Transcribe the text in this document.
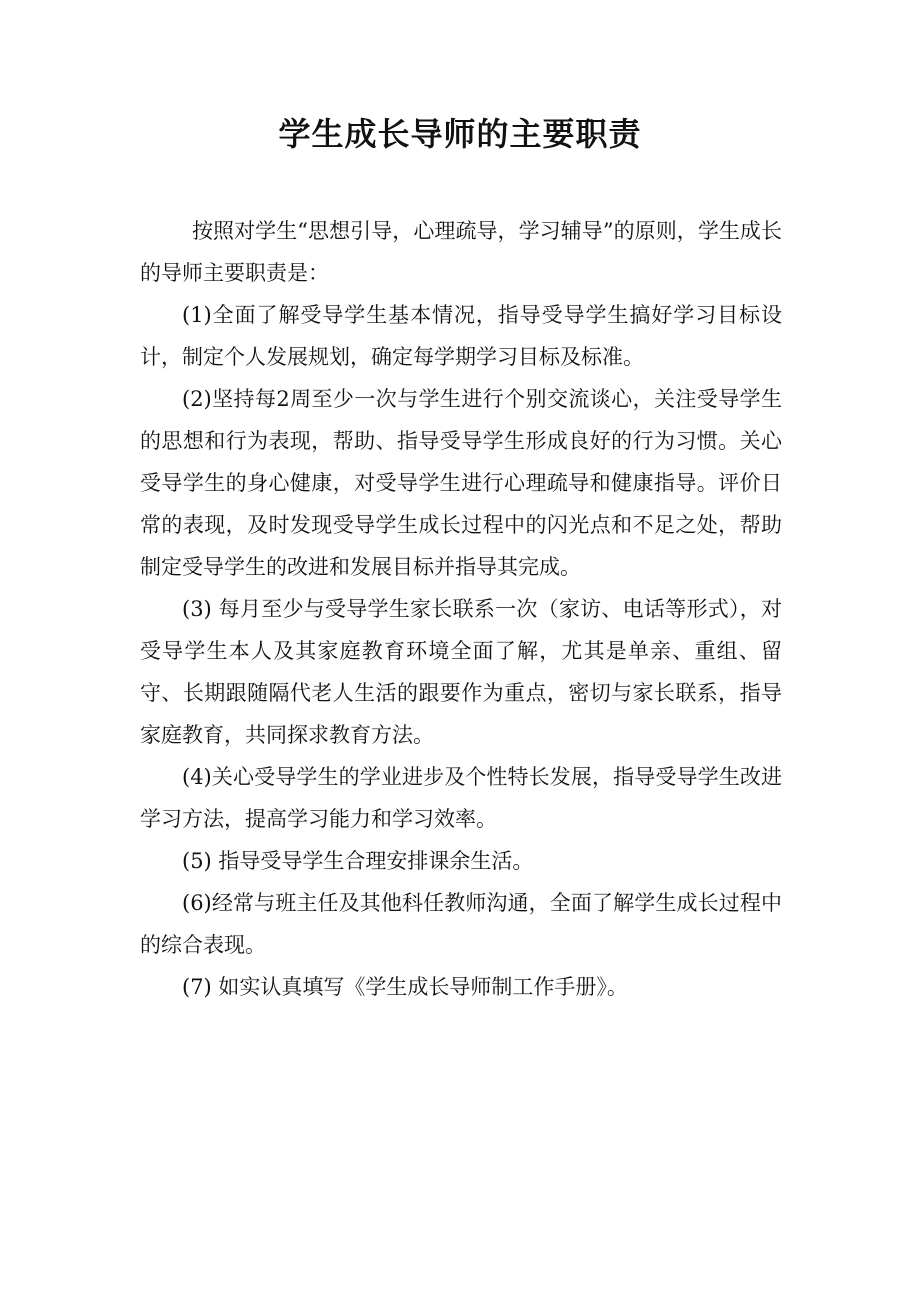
学生成长导师的主要职责

按照对学生“思想引导，心理疏导，学习辅导”的原则，学生成长的导师主要职责是：

(1)全面了解受导学生基本情况，指导受导学生搞好学习目标设计，制定个人发展规划，确定每学期学习目标及标准。

(2)坚持每2周至少一次与学生进行个别交流谈心，关注受导学生的思想和行为表现，帮助、指导受导学生形成良好的行为习惯。关心受导学生的身心健康，对受导学生进行心理疏导和健康指导。评价日常的表现，及时发现受导学生成长过程中的闪光点和不足之处，帮助制定受导学生的改进和发展目标并指导其完成。

(3) 每月至少与受导学生家长联系一次（家访、电话等形式），对受导学生本人及其家庭教育环境全面了解，尤其是单亲、重组、留守、长期跟随隔代老人生活的跟要作为重点，密切与家长联系，指导家庭教育，共同探求教育方法。

(4)关心受导学生的学业进步及个性特长发展，指导受导学生改进学习方法，提高学习能力和学习效率。

(5) 指导受导学生合理安排课余生活。

(6)经常与班主任及其他科任教师沟通，全面了解学生成长过程中的综合表现。

(7) 如实认真填写《学生成长导师制工作手册》。
